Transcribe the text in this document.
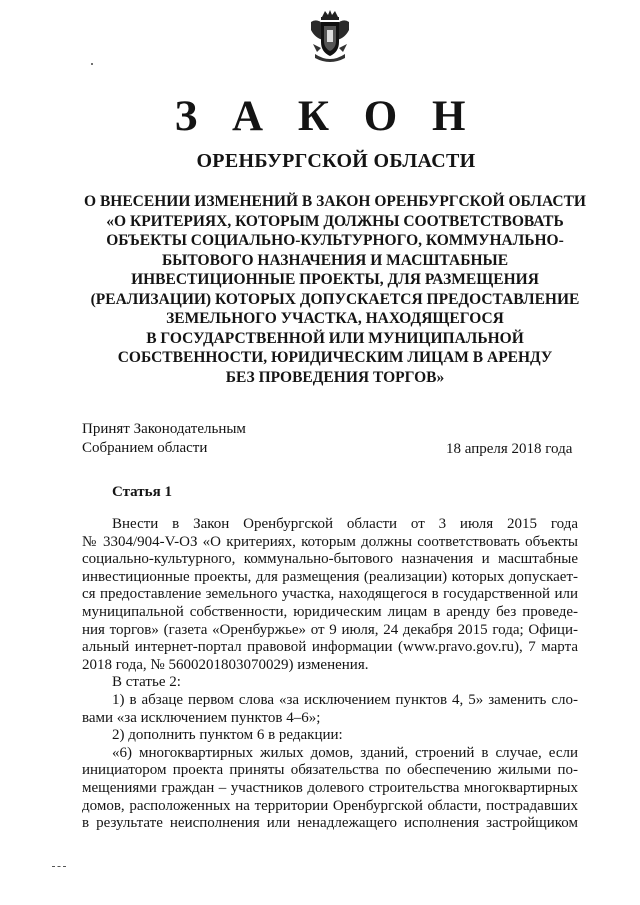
З А К О Н
ОРЕНБУРГСКОЙ ОБЛАСТИ
О ВНЕСЕНИИ ИЗМЕНЕНИЙ В ЗАКОН ОРЕНБУРГСКОЙ ОБЛАСТИ
«О КРИТЕРИЯХ, КОТОРЫМ ДОЛЖНЫ СООТВЕТСТВОВАТЬ
ОБЪЕКТЫ СОЦИАЛЬНО-КУЛЬТУРНОГО, КОММУНАЛЬНО-
БЫТОВОГО НАЗНАЧЕНИЯ И МАСШТАБНЫЕ
ИНВЕСТИЦИОННЫЕ ПРОЕКТЫ, ДЛЯ РАЗМЕЩЕНИЯ
(РЕАЛИЗАЦИИ) КОТОРЫХ ДОПУСКАЕТСЯ ПРЕДОСТАВЛЕНИЕ
ЗЕМЕЛЬНОГО УЧАСТКА, НАХОДЯЩЕГОСЯ
В ГОСУДАРСТВЕННОЙ ИЛИ МУНИЦИПАЛЬНОЙ
СОБСТВЕННОСТИ, ЮРИДИЧЕСКИМ ЛИЦАМ В АРЕНДУ
БЕЗ ПРОВЕДЕНИЯ ТОРГОВ»
Принят Законодательным
Собранием области	18 апреля 2018 года
Статья 1
Внести в Закон Оренбургской области от 3 июля 2015 года
№ 3304/904-V-ОЗ «О критериях, которым должны соответствовать объекты
социально-культурного, коммунально-бытового назначения и масштабные
инвестиционные проекты, для размещения (реализации) которых допускает-
ся предоставление земельного участка, находящегося в государственной или
муниципальной собственности, юридическим лицам в аренду без проведе-
ния торгов» (газета «Оренбуржье» от 9 июля, 24 декабря 2015 года; Офици-
альный интернет-портал правовой информации (www.pravo.gov.ru), 7 марта
2018 года, № 5600201803070029) изменения.
В статье 2:
1) в абзаце первом слова «за исключением пунктов 4, 5» заменить сло-
вами «за исключением пунктов 4–6»;
2) дополнить пунктом 6 в редакции:
«6) многоквартирных жилых домов, зданий, строений в случае, если
инициатором проекта приняты обязательства по обеспечению жилыми по-
мещениями граждан – участников долевого строительства многоквартирных
домов, расположенных на территории Оренбургской области, пострадавших
в результате неисполнения или ненадлежащего исполнения застройщиком
